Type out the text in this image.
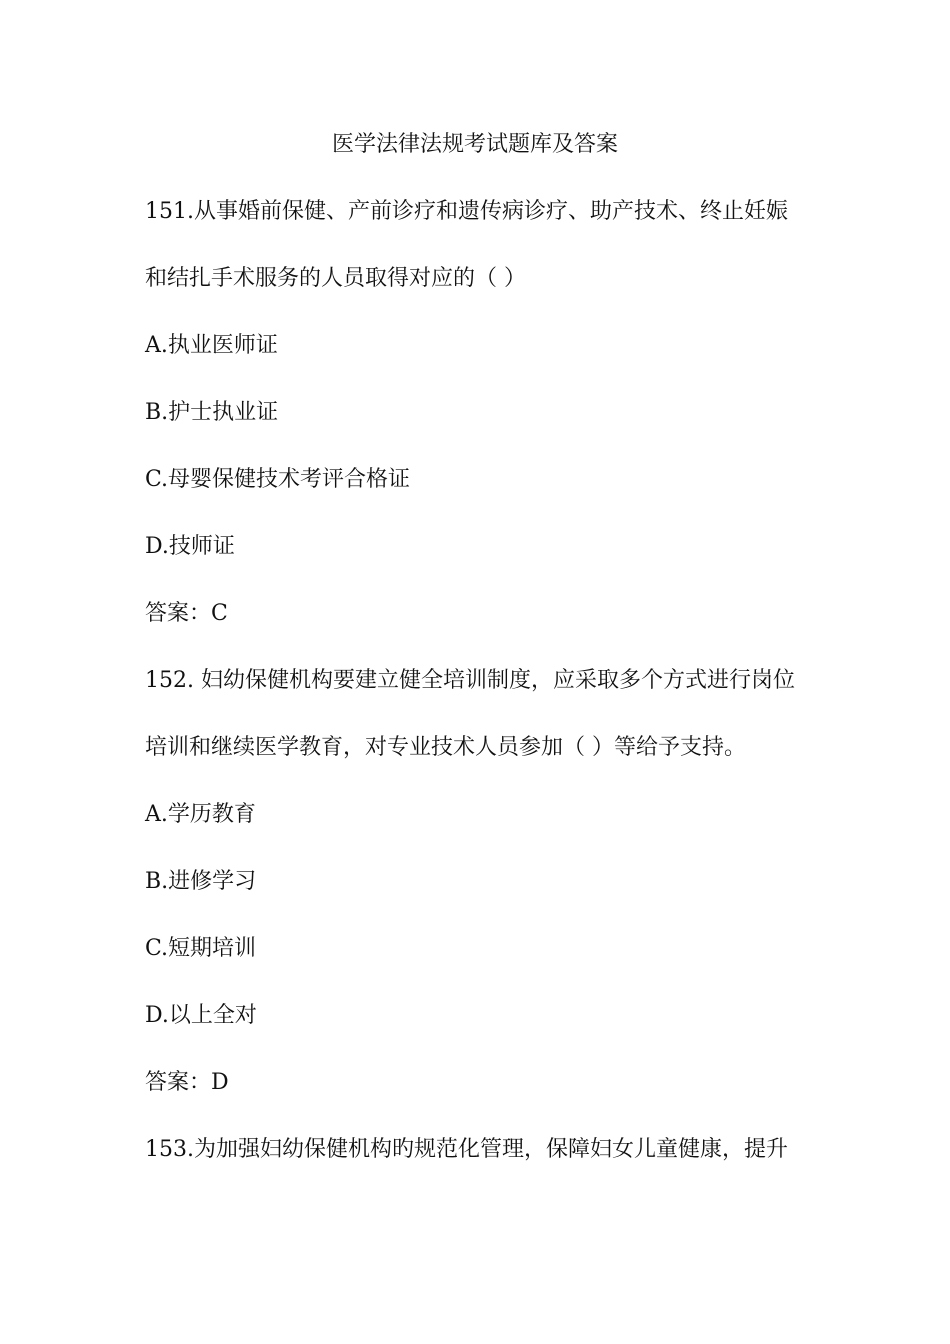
医学法律法规考试题库及答案
151.从事婚前保健、产前诊疗和遗传病诊疗、助产技术、终止妊娠
和结扎手术服务的人员取得对应的（ ）
A.执业医师证
B.护士执业证
C.母婴保健技术考评合格证
D.技师证
答案：C
152. 妇幼保健机构要建立健全培训制度，应采取多个方式进行岗位
培训和继续医学教育，对专业技术人员参加（ ）等给予支持。
A.学历教育
B.进修学习
C.短期培训
D.以上全对
答案：D
153.为加强妇幼保健机构旳规范化管理，保障妇女儿童健康，提升
